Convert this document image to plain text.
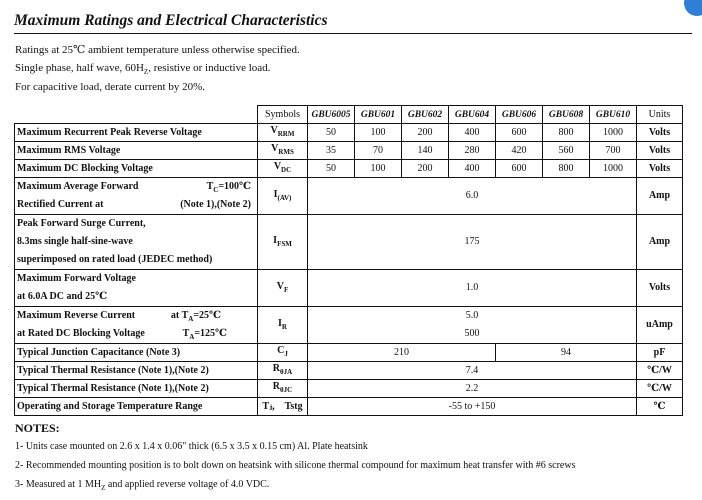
Maximum Ratings and Electrical Characteristics
Ratings at 25℃ ambient temperature unless otherwise specified.
Single phase, half wave, $60H_Z$, resistive or inductive load.
For capacitive load, derate current by 20%.
	Symbols	GBU6005	GBU601	GBU602	GBU604	GBU606	GBU608	GBU610	Units
Maximum Recurrent Peak Reverse Voltage	$V_{RRM}$	50	100	200	400	600	800	1000	Volts
Maximum RMS Voltage	$V_{RMS}$	35	70	140	280	420	560	700	Volts
Maximum DC Blocking Voltage	$V_{DC}$	50	100	200	400	600	800	1000	Volts

Maximum Average Forward $T_C=100℃$
Rectified Current at (Note 1),(Note 2)	$I_{(AV)}$	6.0							Amp

Peak Forward Surge Current,
8.3ms single half-sine-wave
superimposed on rated load (JEDEC method)	$I_{FSM}$	175							Amp

Maximum Forward Voltage
at 6.0A DC and 25℃	$V_F$	1.0							Volts

Maximum Reverse Current at $T_A=25℃$
at Rated DC Blocking Voltage $T_A=125℃$	$I_R$	5.0
500							uAmp
Typical Junction Capacitance (Note 3)	$C_J$	210				94			pF
Typical Thermal Resistance (Note 1),(Note 2)	$R_{\theta JA}$	7.4							℃/W
Typical Thermal Resistance (Note 1),(Note 2)	$R_{\theta JC}$	2.2							℃/W
Operating and Storage Temperature Range	Tⱼ,　Tstg	-55 to +150							℃
NOTES:
1- Units case mounted on 2.6 x 1.4 x 0.06" thick (6.5 x 3.5 x 0.15 cm) Al. Plate heatsink
2- Recommended mounting position is to bolt down on heatsink with silicone thermal compound for maximum heat transfer with #6 screws
3- Measured at 1 $MH_Z$ and applied reverse voltage of 4.0 VDC.
